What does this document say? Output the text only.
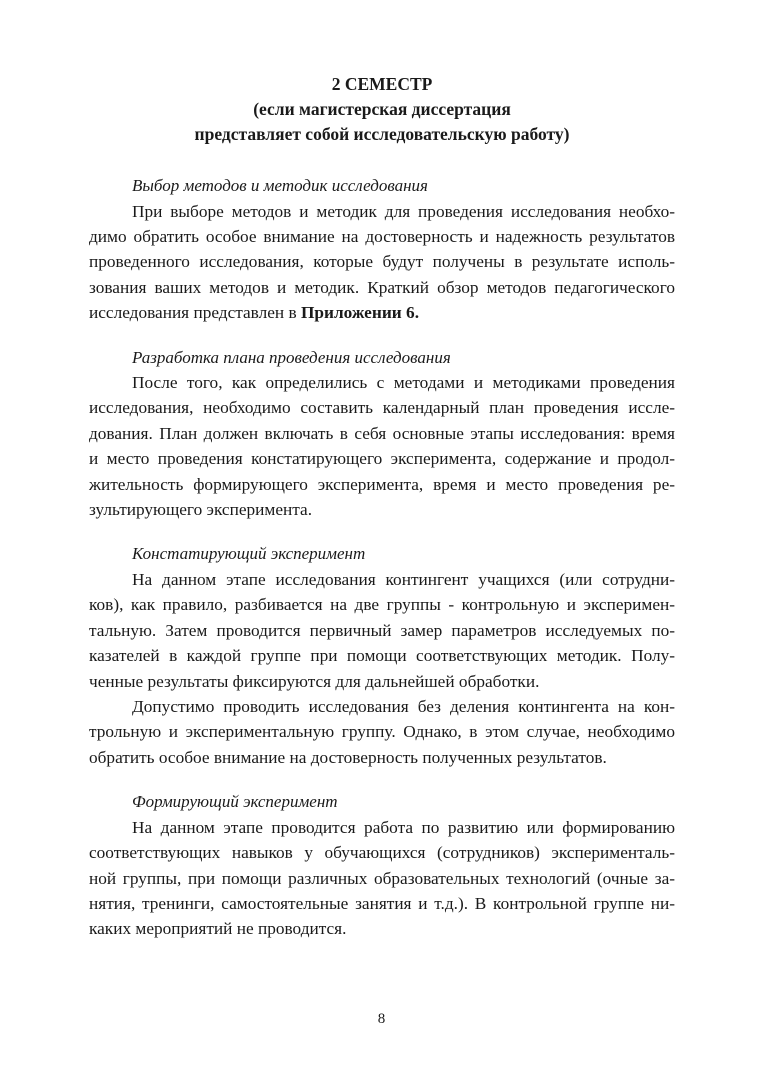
2 СЕМЕСТР
(если магистерская диссертация
представляет собой исследовательскую работу)

Выбор методов и методик исследования

При выборе методов и методик для проведения исследования необхо-
димо обратить особое внимание на достоверность и надежность результатов
проведенного исследования, которые будут получены в результате исполь-
зования ваших методов и методик. Краткий обзор методов педагогического
исследования представлен в Приложении 6.

Разработка плана проведения исследования

После того, как определились с методами и методиками проведения
исследования, необходимо составить календарный план проведения иссле-
дования. План должен включать в себя основные этапы исследования: время
и место проведения констатирующего эксперимента, содержание и продол-
жительность формирующего эксперимента, время и место проведения ре-
зультирующего эксперимента.

Констатирующий эксперимент

На данном этапе исследования контингент учащихся (или сотрудни-
ков), как правило, разбивается на две группы - контрольную и эксперимен-
тальную. Затем проводится первичный замер параметров исследуемых по-
казателей в каждой группе при помощи соответствующих методик. Полу-
ченные результаты фиксируются для дальнейшей обработки.
Допустимо проводить исследования без деления контингента на кон-
трольную и экспериментальную группу. Однако, в этом случае, необходимо
обратить особое внимание на достоверность полученных результатов.

Формирующий эксперимент

На данном этапе проводится работа по развитию или формированию
соответствующих навыков у обучающихся (сотрудников) эксперименталь-
ной группы, при помощи различных образовательных технологий (очные за-
нятия, тренинги, самостоятельные занятия и т.д.). В контрольной группе ни-
каких мероприятий не проводится.

8
